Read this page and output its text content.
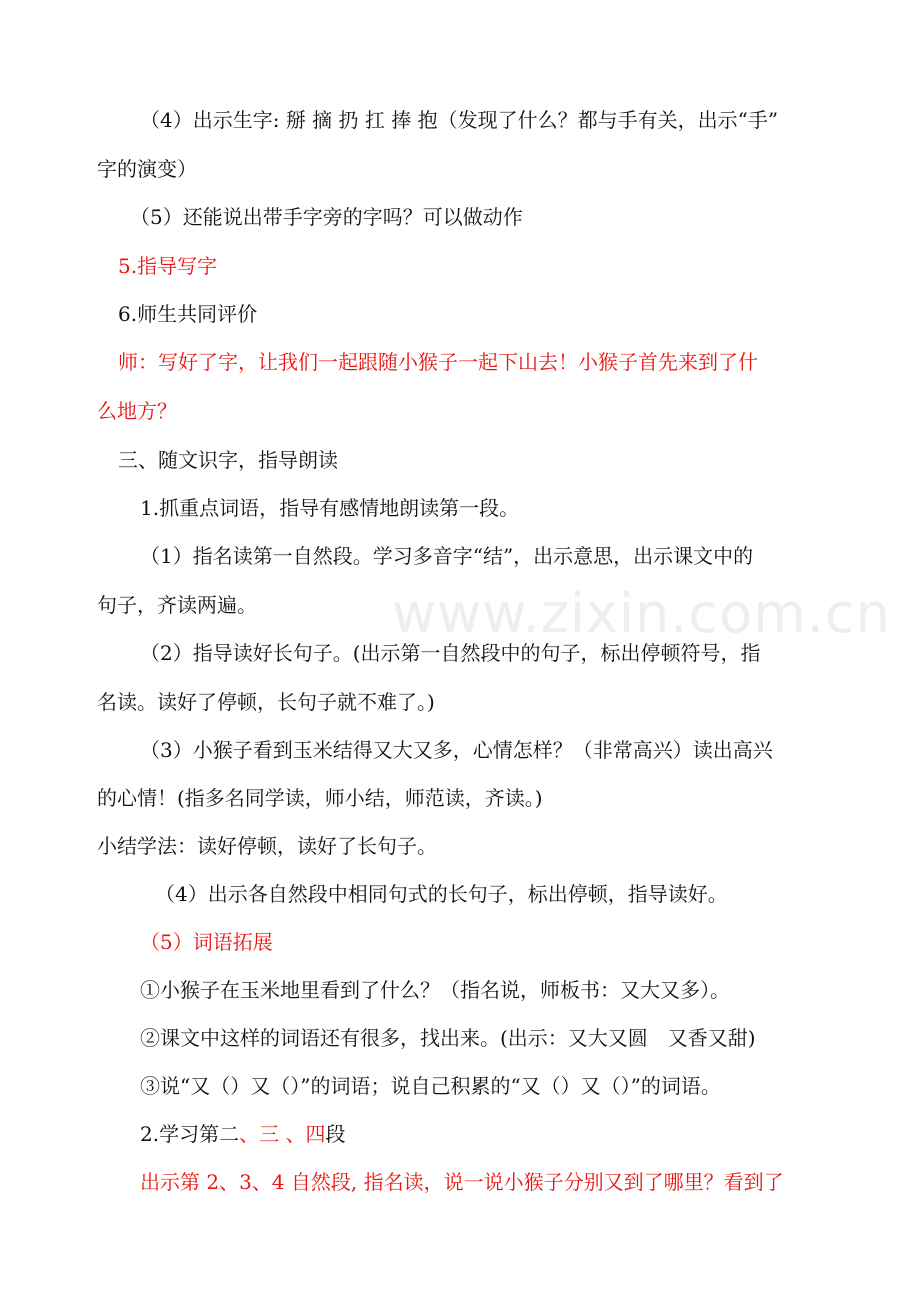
www.zixin.com.cn
（4）出示生字: 掰 摘 扔 扛 捧 抱（发现了什么？都与手有关，出示“手”
字的演变）
（5）还能说出带手字旁的字吗？可以做动作
5.指导写字
6.师生共同评价
师：写好了字，让我们一起跟随小猴子一起下山去！小猴子首先来到了什
么地方？
三、随文识字，指导朗读
1.抓重点词语，指导有感情地朗读第一段。
（1）指名读第一自然段。学习多音字“结”，出示意思，出示课文中的
句子，齐读两遍。
（2）指导读好长句子。(出示第一自然段中的句子，标出停顿符号，指
名读。读好了停顿，长句子就不难了。)
（3）小猴子看到玉米结得又大又多，心情怎样？（非常高兴）读出高兴
的心情！(指多名同学读，师小结，师范读，齐读。)
小结学法：读好停顿，读好了长句子。
（4）出示各自然段中相同句式的长句子，标出停顿，指导读好。
（5）词语拓展
①小猴子在玉米地里看到了什么？（指名说，师板书：又大又多）。
②课文中这样的词语还有很多，找出来。(出示：又大又圆　又香又甜)
③说“又（）又（）”的词语；说自己积累的“又（）又（）”的词语。
2.学习第二、三 、四段
出示第 2、3、4 自然段, 指名读，说一说小猴子分别又到了哪里？看到了
